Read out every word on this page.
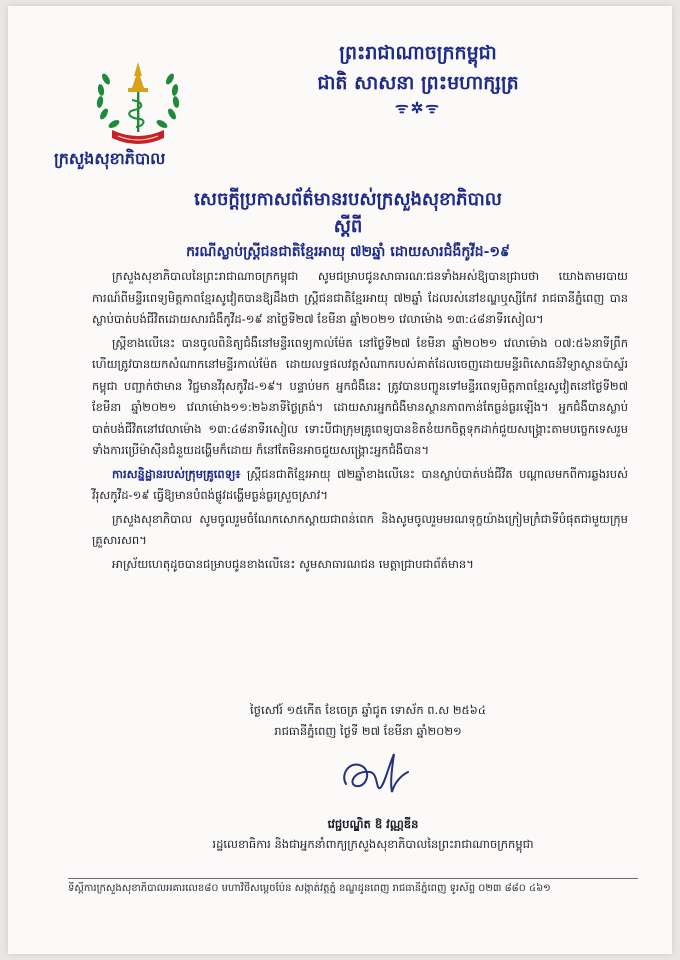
ព្រះរាជាណាចក្រកម្ពុជា
ជាតិ សាសនា ព្រះមហាក្សត្រ
ᯤ✲ᯤ
ក្រសួងសុខាភិបាល
សេចក្តីប្រកាសព័ត៌មានរបស់ក្រសួងសុខាភិបាល
ស្តីពី
ករណីស្លាប់ស្ត្រីជនជាតិខ្មែរអាយុ ៧២ឆ្នាំ ដោយសារជំងឺកូវីដ-១៩

ក្រសួងសុខាភិបាលនៃព្រះរាជាណាចក្រកម្ពុជា សូមជម្រាបជូនសាធារណៈជនទាំងអស់ឱ្យបានជ្រាបថា យោងតាមរបាយការណ៍ពីមន្ទីរពេទ្យមិត្តភាពខ្មែរសូវៀតបានឱ្យដឹងថា ស្ត្រីជនជាតិខ្មែរអាយុ ៧២ឆ្នាំ ដែលរស់នៅខណ្ឌឬស្សីកែវ រាជធានីភ្នំពេញ បានស្លាប់បាត់បង់ជីវិតដោយសារជំងឺកូវីដ-១៩ នាថ្ងៃទី២៧ ខែមីនា ឆ្នាំ២០២១ វេលាម៉ោង ១៣:៤៨នាទីរសៀល។

ស្ត្រីខាងលើនេះ បានចូលពិនិត្យជំងឺនៅមន្ទីរពេទ្យកាល់ម៉ែត នៅថ្ងៃទី២៧ ខែមីនា ឆ្នាំ២០២១ វេលាម៉ោង ០៧:៥៦នាទីព្រឹក ហើយត្រូវបានយកសំណាកនៅមន្ទីរកាល់ម៉ែត ដោយលទ្ធផលវត្តសំណាករបស់គាត់ដែលចេញដោយមន្ទីរពិសោធន៍វិទ្យាស្ថានប៉ាស្ទ័រកម្ពុជា បញ្ជាក់ថាមាន វិជ្ជមានវីរុសកូវីដ-១៩។ បន្ទាប់មក អ្នកជំងឺនេះ ត្រូវបានបញ្ជូនទៅមន្ទីរពេទ្យមិត្តភាពខ្មែរសូវៀតនៅថ្ងៃទី២៧ ខែមីនា ឆ្នាំ២០២១ វេលាម៉ោង១១:២៦នាទីថ្ងៃត្រង់។ ដោយសារអ្នកជំងឺមានស្ថានភាពកាន់តែធ្ងន់ធ្ងរឡើង។ អ្នកជំងឺបានស្លាប់បាត់បង់ជីវិតនៅវេលាម៉ោង ១៣:៤៨នាទីរសៀល ទោះបីជាក្រុមគ្រូពេទ្យបានខិតខំយកចិត្តទុកដាក់ជួយសង្គ្រោះតាមបច្ចេកទេសរួមទាំងការប្រើម៉ាស៊ីនជំនួយដង្ហើមក៏ដោយ ក៏នៅតែមិនអាចជួយសង្គ្រោះអ្នកជំងឺបាន។

ការសន្និដ្ឋានរបស់ក្រុមគ្រូពេទ្យ៖ ស្ត្រីជនជាតិខ្មែរអាយុ ៧២ឆ្នាំខាងលើនេះ បានស្លាប់បាត់បង់ជីវិត បណ្តាលមកពីការឆ្លងរបស់វីរុសកូវីដ-១៩ ធ្វើឱ្យមានបំពង់ផ្លូវដង្ហើមធ្ងន់ធ្ងរស្រួចស្រាវ។

ក្រសួងសុខាភិបាល សូមចូលរួមចំណែកសោកស្តាយជាពន់ពេក និងសូមចូលរួមមរណទុក្ខយ៉ាងក្រៀមក្រំជាទីបំផុតជាមួយក្រុមគ្រួសារសព។

អាស្រ័យហេតុដូចបានជម្រាបជូនខាងលើនេះ សូមសាធារណជន មេត្តាជ្រាបជាព័ត៌មាន។

ថ្ងៃសៅរ៍ ១៥កើត ខែចេត្រ ឆ្នាំជូត ទោស័ក ព.ស ២៥៦៤
រាជធានីភ្នំពេញ ថ្ងៃទី ២៧ ខែមីនា ឆ្នាំ២០២១
វេជ្ជបណ្ឌិត ឱ វណ្ណឌីន
រដ្ឋលេខាធិការ និងជាអ្នកនាំពាក្យក្រសួងសុខាភិបាលនៃព្រះរាជាណាចក្រកម្ពុជា
ទីស្តីការក្រសួងសុខាភិបាលអគារលេខ៨០ មហាវិថីសម្តេចប៉ែន សង្កាត់វត្តភ្នំ ខណ្ឌដូនពេញ រាជធានីភ្នំពេញ ទូរស័ព្ទ ០២៣ ៨៨០ ៤៦១
